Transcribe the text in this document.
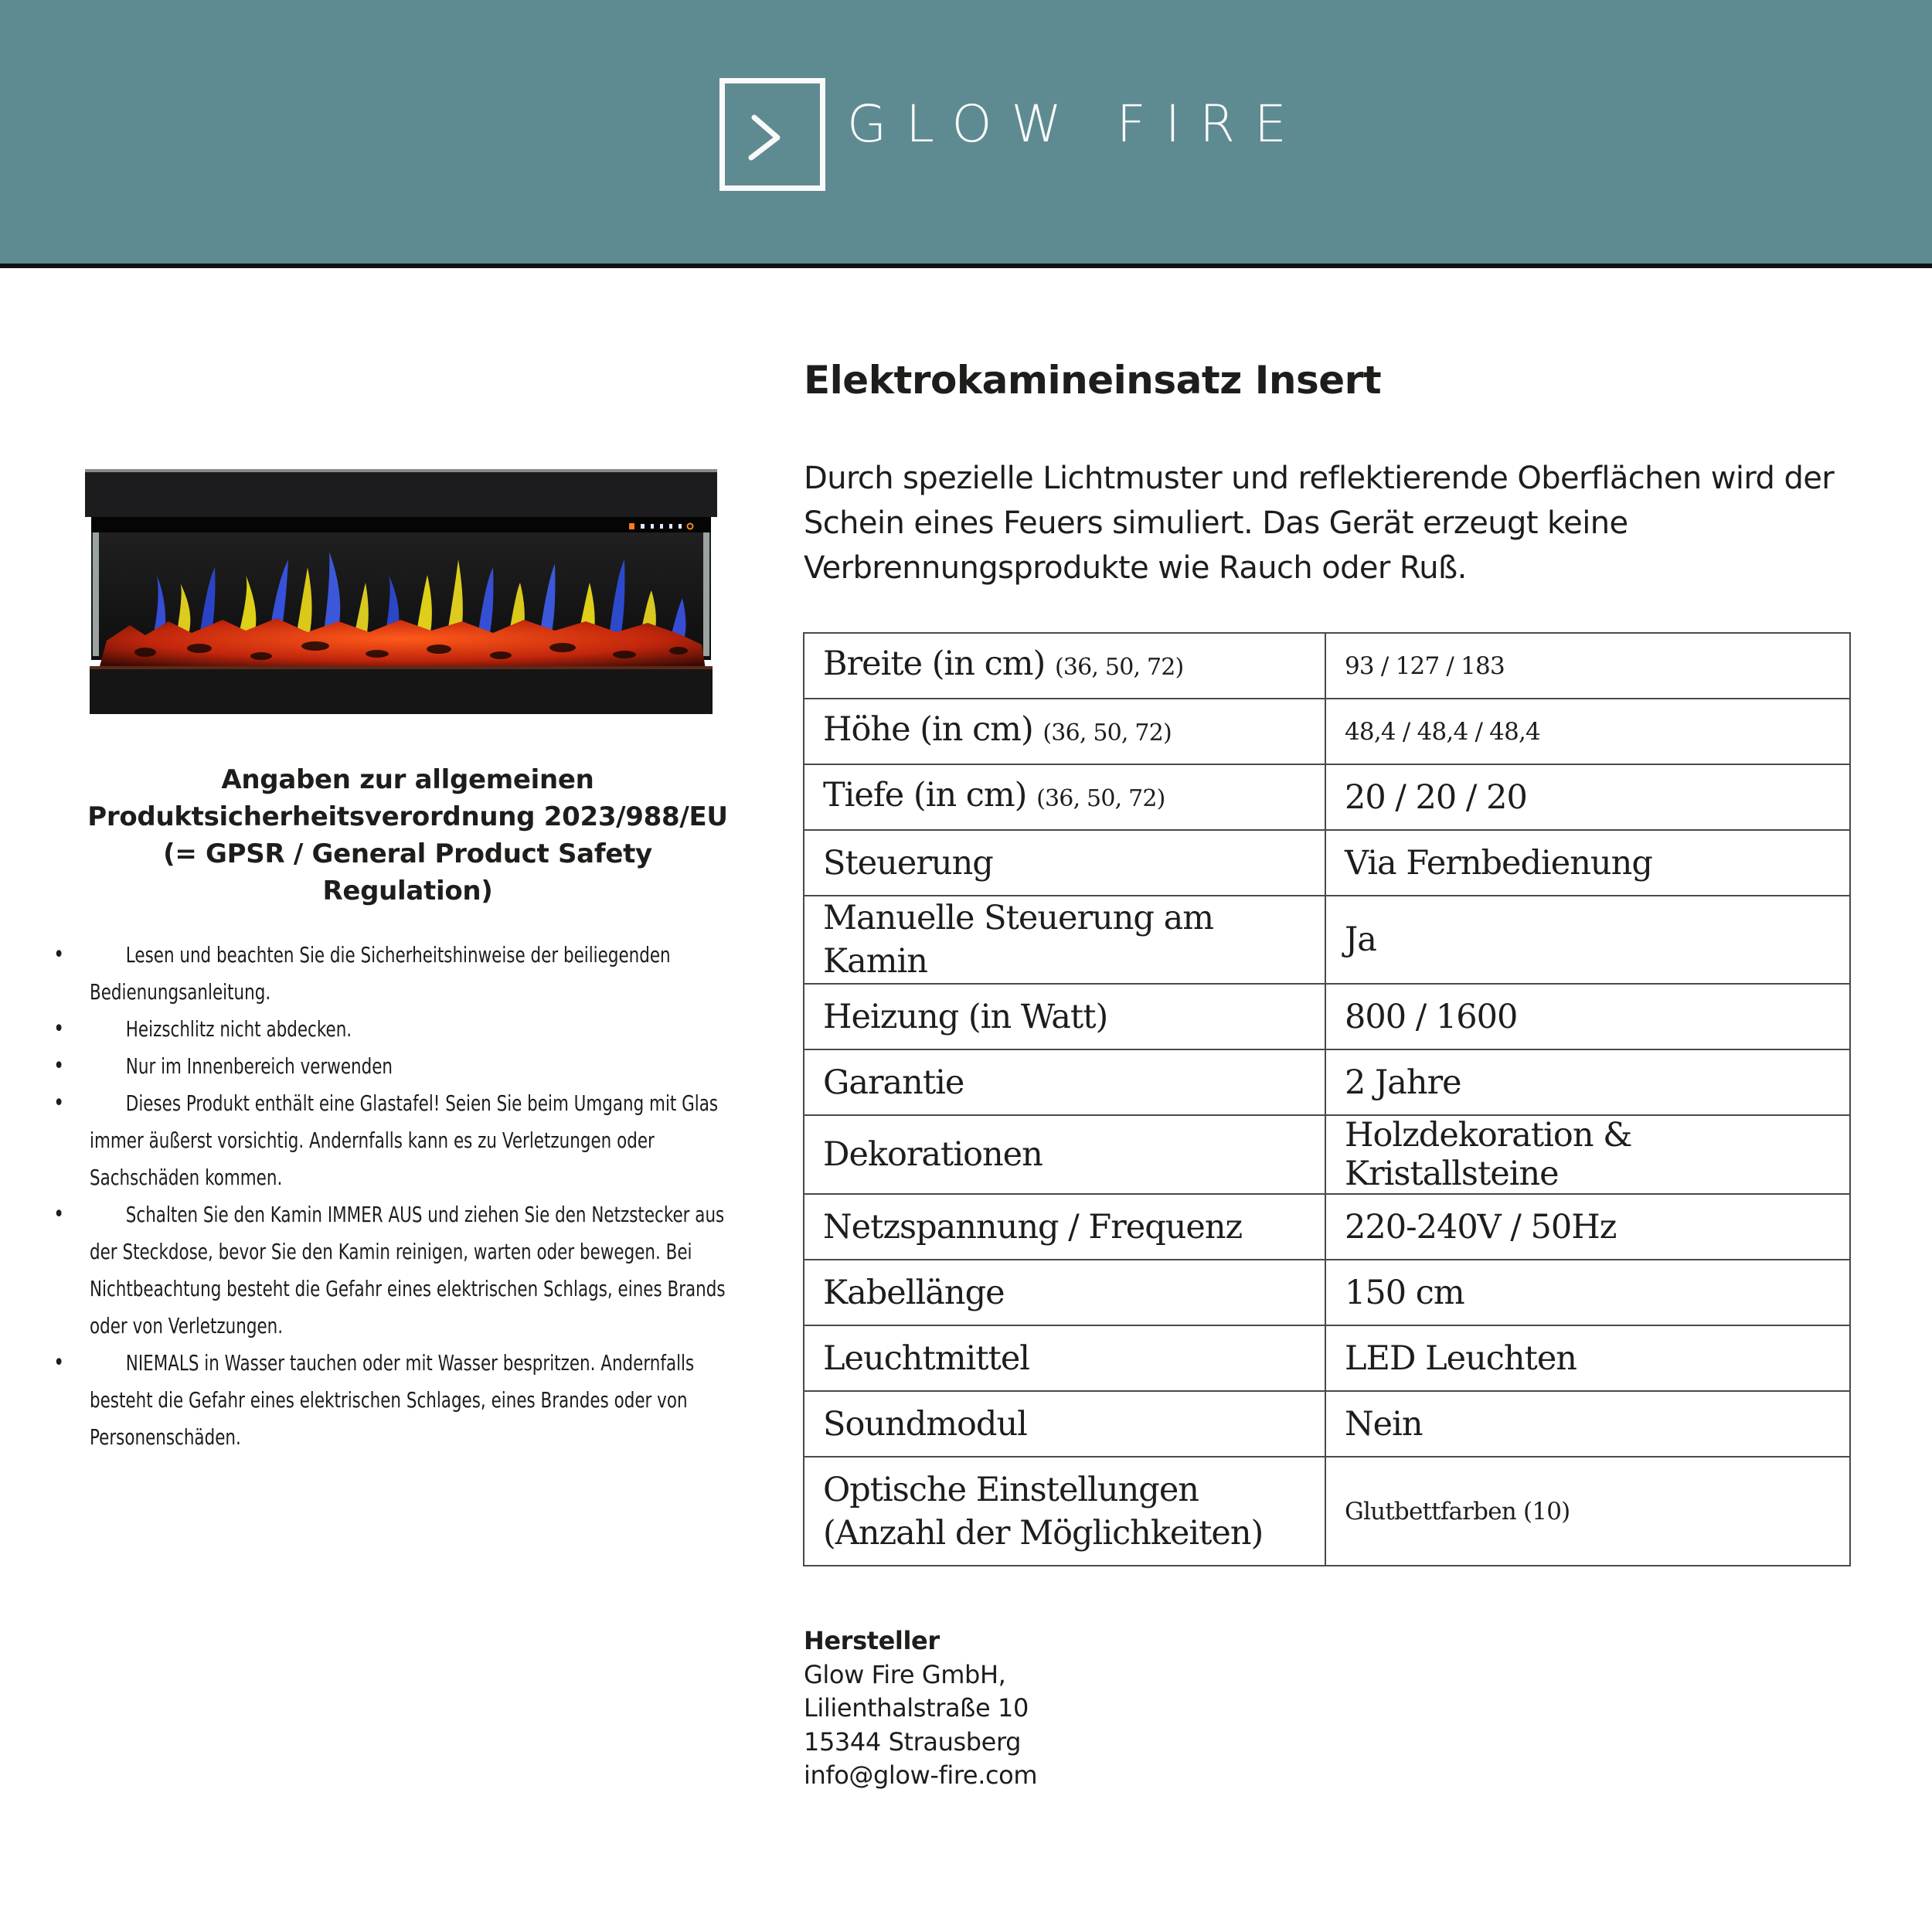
GLOW FIRE
Angaben zur allgemeinen
Produktsicherheitsverordnung 2023/988/EU
(= GPSR / General Product Safety Regulation)
• Lesen und beachten Sie die Sicherheitshinweise der beiliegenden Bedienungsanleitung.
• Heizschlitz nicht abdecken.
• Nur im Innenbereich verwenden
• Dieses Produkt enthält eine Glastafel! Seien Sie beim Umgang mit Glas immer äußerst vorsichtig. Andernfalls kann es zu Verletzungen oder Sachschäden kommen.
• Schalten Sie den Kamin IMMER AUS und ziehen Sie den Netzstecker aus der Steckdose, bevor Sie den Kamin reinigen, warten oder bewegen. Bei Nichtbeachtung besteht die Gefahr eines elektrischen Schlags, eines Brands oder von Verletzungen.
• NIEMALS in Wasser tauchen oder mit Wasser bespritzen. Andernfalls besteht die Gefahr eines elektrischen Schlages, eines Brandes oder von Personenschäden.
Elektrokamineinsatz Insert

Durch spezielle Lichtmuster und reflektierende Oberflächen wird der Schein eines Feuers simuliert. Das Gerät erzeugt keine Verbrennungsprodukte wie Rauch oder Ruß.

Breite (in cm) (36, 50, 72)	93 / 127 / 183
Höhe (in cm) (36, 50, 72)	48,4 / 48,4 / 48,4
Tiefe (in cm) (36, 50, 72)	20 / 20 / 20
Steuerung	Via Fernbedienung
Manuelle Steuerung am Kamin	Ja
Heizung (in Watt)	800 / 1600
Garantie	2 Jahre
Dekorationen	Holzdekoration & Kristallsteine
Netzspannung / Frequenz	220-240V / 50Hz
Kabellänge	150 cm
Leuchtmittel	LED Leuchten
Soundmodul	Nein
Optische Einstellungen (Anzahl der Möglichkeiten)	Glutbettfarben (10)
Hersteller
Glow Fire GmbH,
Lilienthalstraße 10
15344 Strausberg
info@glow-fire.com
